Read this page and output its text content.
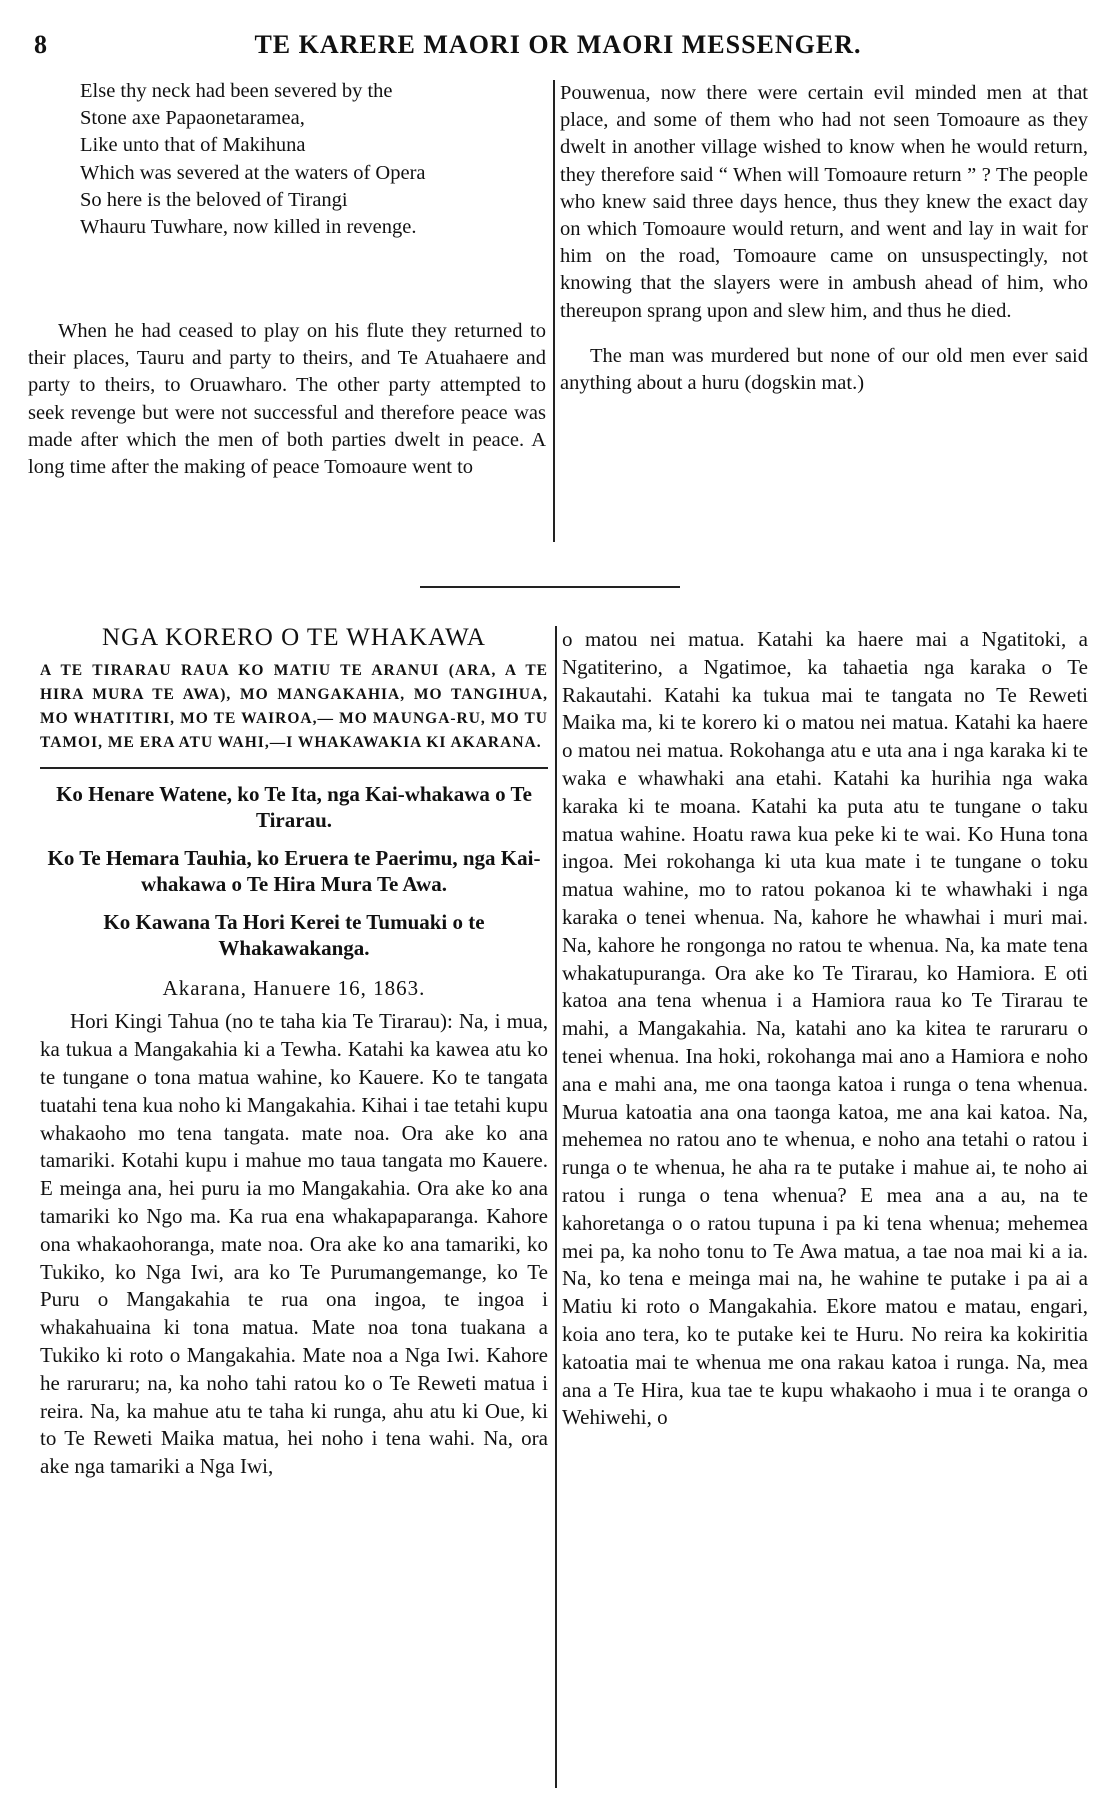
8	TE KARERE MAORI OR MAORI MESSENGER.
Else thy neck had been severed by the
Stone axe Papaonetaramea,
Like unto that of Makihuna
Which was severed at the waters of Opera
So here is the beloved of Tirangi
Whauru Tuwhare, now killed in revenge.

When he had ceased to play on his flute they returned to their places, Tauru and party to theirs, and Te Atuahaere and party to theirs, to Oruawharo. The other party attempted to seek revenge but were not successful and therefore peace was made after which the men of both parties dwelt in peace. A long time after the making of peace Tomoaure went to

Pouwenua, now there were certain evil minded men at that place, and some of them who had not seen Tomoaure as they dwelt in another village wished to know when he would return, they therefore said “ When will Tomoaure return ” ? The people who knew said three days hence, thus they knew the exact day on which Tomoaure would return, and went and lay in wait for him on the road, Tomoaure came on unsuspectingly, not knowing that the slayers were in ambush ahead of him, who thereupon sprang upon and slew him, and thus he died.

The man was murdered but none of our old men ever said anything about a huru (dogskin mat.)

NGA KORERO O TE WHAKAWA
A TE TIRARAU RAUA KO MATIU TE ARANUI (ARA, A TE HIRA MURA TE AWA), MO MANGAKAHIA, MO TANGIHUA, MO WHATITIRI, MO TE WAIROA,— MO MAUNGA-RU, MO TU TAMOI, ME ERA ATU WAHI,—I WHAKAWAKIA KI AKARANA.
Ko Henare Watene, ko Te Ita, nga Kai-whakawa o Te Tirarau.
Ko Te Hemara Tauhia, ko Eruera te Paerimu, nga Kai-whakawa o Te Hira Mura Te Awa.
Ko Kawana Ta Hori Kerei te Tumuaki o te Whakawakanga.
Akarana, Hanuere 16, 1863.

Hori Kingi Tahua (no te taha kia Te Tirarau): Na, i mua, ka tukua a Mangakahia ki a Tewha. Katahi ka kawea atu ko te tungane o tona matua wahine, ko Kauere. Ko te tangata tuatahi tena kua noho ki Mangakahia. Kihai i tae tetahi kupu whakaoho mo tena tangata. mate noa. Ora ake ko ana tamariki. Kotahi kupu i mahue mo taua tangata mo Kauere. E meinga ana, hei puru ia mo Mangakahia. Ora ake ko ana tamariki ko Ngo ma. Ka rua ena whakapaparanga. Kahore ona whakaohoranga, mate noa. Ora ake ko ana tamariki, ko Tukiko, ko Nga Iwi, ara ko Te Purumangemange, ko Te Puru o Mangakahia te rua ona ingoa, te ingoa i whakahuaina ki tona matua. Mate noa tona tuakana a Tukiko ki roto o Mangakahia. Mate noa a Nga Iwi. Kahore he raruraru; na, ka noho tahi ratou ko o Te Reweti matua i reira. Na, ka mahue atu te taha ki runga, ahu atu ki Oue, ki to Te Reweti Maika matua, hei noho i tena wahi. Na, ora ake nga tamariki a Nga Iwi,

o matou nei matua. Katahi ka haere mai a Ngatitoki, a Ngatiterino, a Ngatimoe, ka tahaetia nga karaka o Te Rakautahi. Katahi ka tukua mai te tangata no Te Reweti Maika ma, ki te korero ki o matou nei matua. Katahi ka haere o matou nei matua. Rokohanga atu e uta ana i nga karaka ki te waka e whawhaki ana etahi. Katahi ka hurihia nga waka karaka ki te moana. Katahi ka puta atu te tungane o taku matua wahine. Hoatu rawa kua peke ki te wai. Ko Huna tona ingoa. Mei rokohanga ki uta kua mate i te tungane o toku matua wahine, mo to ratou pokanoa ki te whawhaki i nga karaka o tenei whenua. Na, kahore he whawhai i muri mai. Na, kahore he rongonga no ratou te whenua. Na, ka mate tena whakatupuranga. Ora ake ko Te Tirarau, ko Hamiora. E oti katoa ana tena whenua i a Hamiora raua ko Te Tirarau te mahi, a Mangakahia. Na, katahi ano ka kitea te raruraru o tenei whenua. Ina hoki, rokohanga mai ano a Hamiora e noho ana e mahi ana, me ona taonga katoa i runga o tena whenua. Murua katoatia ana ona taonga katoa, me ana kai katoa. Na, mehemea no ratou ano te whenua, e noho ana tetahi o ratou i runga o te whenua, he aha ra te putake i mahue ai, te noho ai ratou i runga o tena whenua? E mea ana a au, na te kahoretanga o o ratou tupuna i pa ki tena whenua; mehemea mei pa, ka noho tonu to Te Awa matua, a tae noa mai ki a ia. Na, ko tena e meinga mai na, he wahine te putake i pa ai a Matiu ki roto o Mangakahia. Ekore matou e matau, engari, koia ano tera, ko te putake kei te Huru. No reira ka kokiritia katoatia mai te whenua me ona rakau katoa i runga. Na, mea ana a Te Hira, kua tae te kupu whakaoho i mua i te oranga o Wehiwehi, o
